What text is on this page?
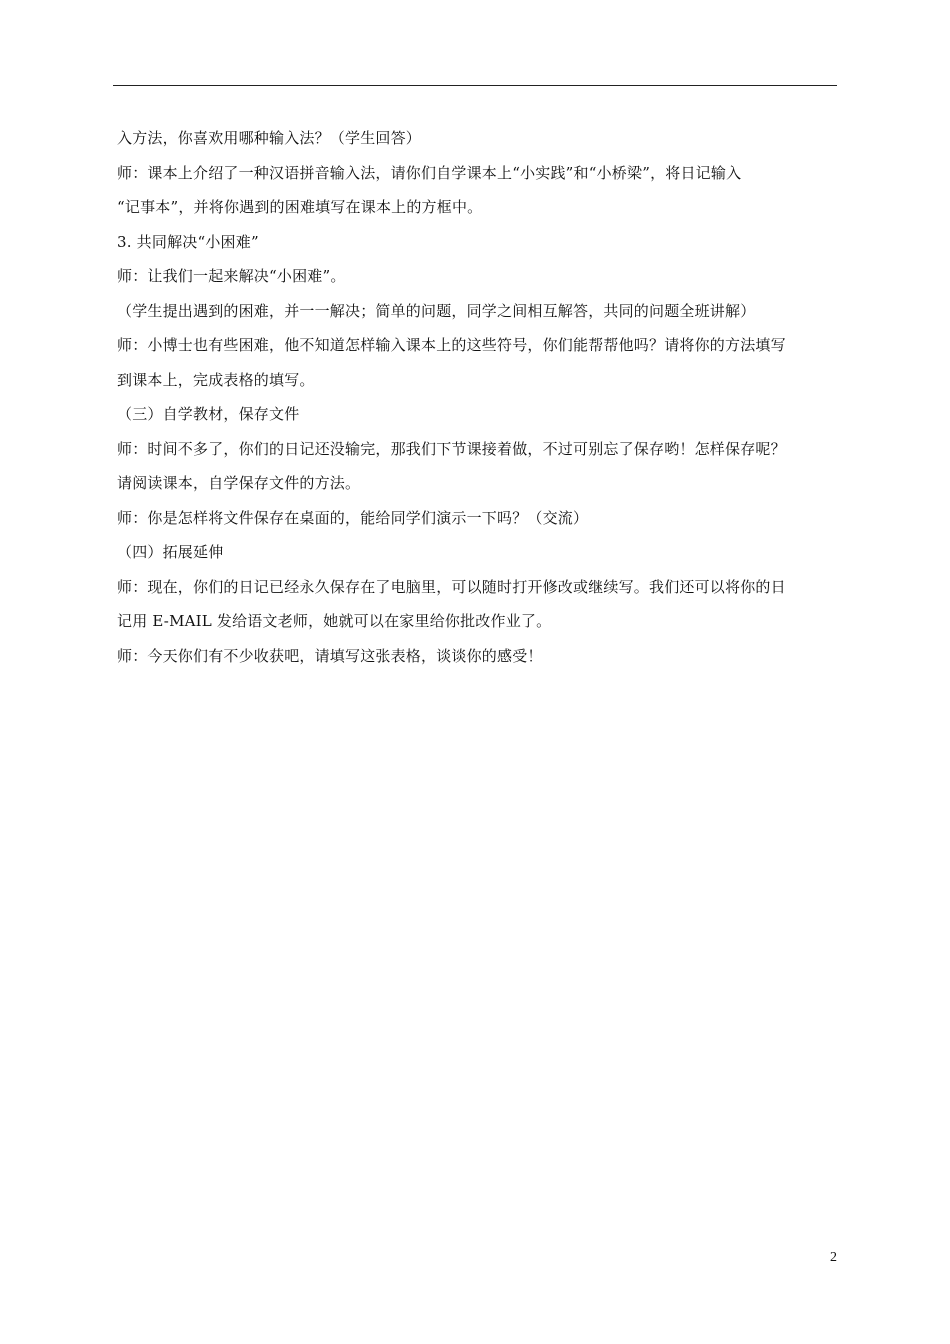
入方法，你喜欢用哪种输入法？（学生回答）
师：课本上介绍了一种汉语拼音输入法，请你们自学课本上“小实践”和“小桥梁”，将日记输入
“记事本”，并将你遇到的困难填写在课本上的方框中。
3. 共同解决“小困难”
师：让我们一起来解决“小困难”。
（学生提出遇到的困难，并一一解决；简单的问题，同学之间相互解答，共同的问题全班讲解）
师：小博士也有些困难，他不知道怎样输入课本上的这些符号，你们能帮帮他吗？请将你的方法填写
到课本上，完成表格的填写。
（三）自学教材，保存文件
师：时间不多了，你们的日记还没输完，那我们下节课接着做，不过可别忘了保存哟！怎样保存呢？
请阅读课本，自学保存文件的方法。
师：你是怎样将文件保存在桌面的，能给同学们演示一下吗？（交流）
（四）拓展延伸
师：现在，你们的日记已经永久保存在了电脑里，可以随时打开修改或继续写。我们还可以将你的日
记用 E-MAIL 发给语文老师，她就可以在家里给你批改作业了。
师：今天你们有不少收获吧，请填写这张表格，谈谈你的感受！
2
